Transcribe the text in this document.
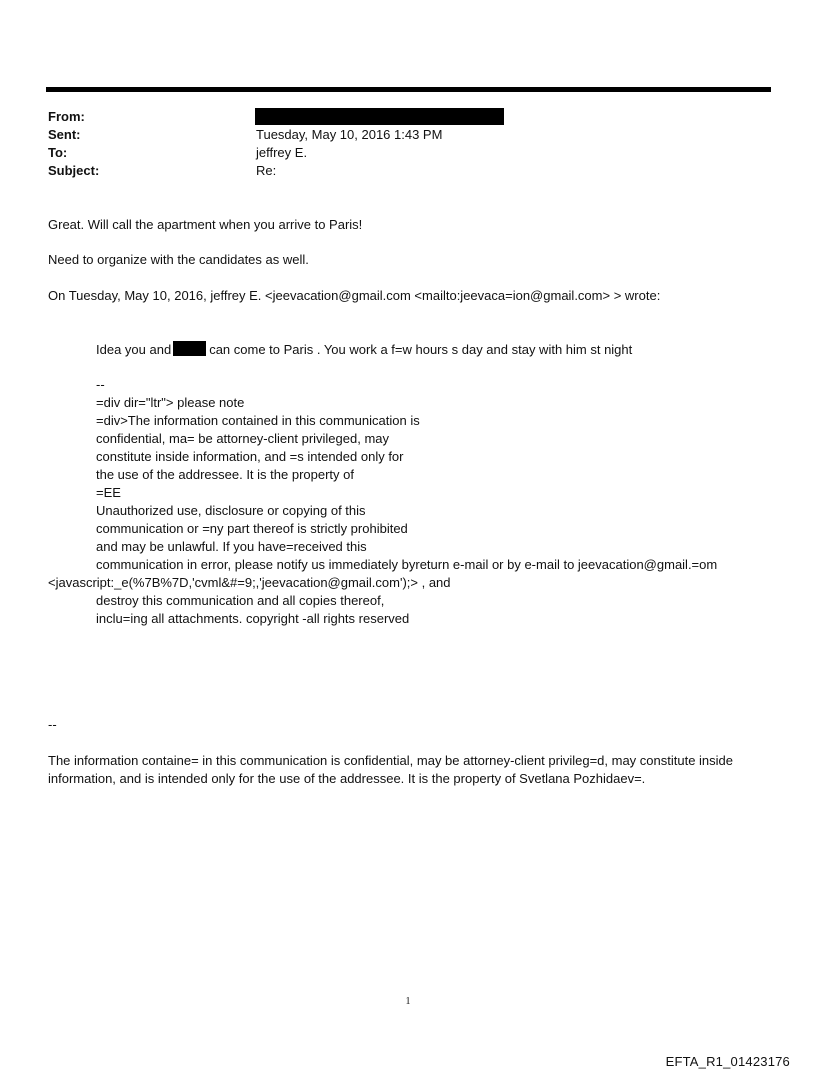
From:
Sent:	Tuesday, May 10, 2016 1:43 PM
To:	jeffrey E.
Subject:	Re:
Great. Will call the apartment when you arrive to Paris!
Need to organize with the candidates as well.
On Tuesday, May 10, 2016, jeffrey E. <jeevacation@gmail.com <mailto:jeevaca=ion@gmail.com> > wrote:
Idea you and	can come to Paris . You work a f=w hours s day and stay with him st night
--
=div dir="ltr"> please note
=div>The information contained in this communication is
confidential, ma= be attorney-client privileged, may
constitute inside information, and =s intended only for
the use of the addressee. It is the property of
=EE
Unauthorized use, disclosure or copying of this
communication or =ny part thereof is strictly prohibited
and may be unlawful. If you have=received this
communication in error, please notify us immediately byreturn e-mail or by e-mail to jeevacation@gmail.=om
<javascript:_e(%7B%7D,'cvml&#=9;,'jeevacation@gmail.com');> , and
destroy this communication and all copies thereof,
inclu=ing all attachments. copyright -all rights reserved
--
The information containe= in this communication is confidential, may be attorney-client privileg=d, may constitute inside information, and is intended only for the use of the addressee. It is the property of Svetlana Pozhidaev=.
1
EFTA_R1_01423176
